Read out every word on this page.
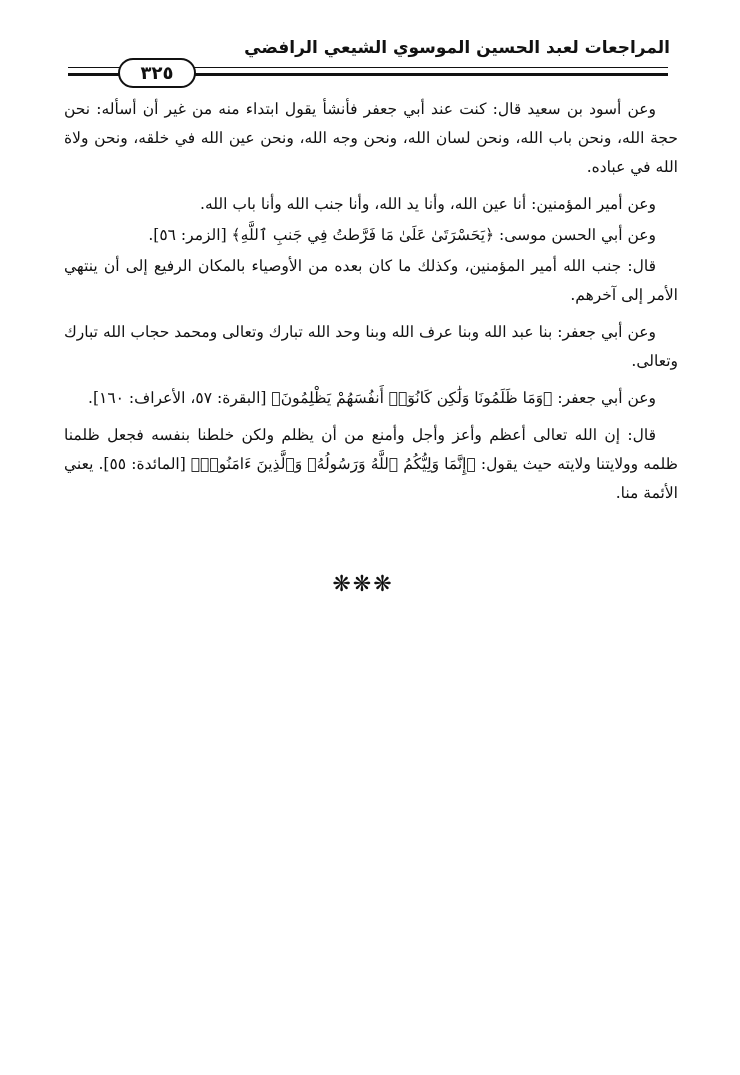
المراجعات لعبد الحسين الموسوي الشيعي الرافضي
٣٢٥

وعن أسود بن سعيد قال: كنت عند أبي جعفر فأنشأ يقول ابتداء منه من غير أن أسأله: نحن حجة الله، ونحن باب الله، ونحن لسان الله، ونحن وجه الله، ونحن عين الله في خلقه، ونحن ولاة الله في عباده.

وعن أمير المؤمنين: أنا عين الله، وأنا يد الله، وأنا جنب الله وأنا باب الله.

وعن أبي الحسن موسى: ﴿يَحَسْرَتَىٰ عَلَىٰ مَا فَرَّطتُ فِي جَنبِ ٱللَّهِ﴾ [الزمر: ٥٦].

قال: جنب الله أمير المؤمنين، وكذلك ما كان بعده من الأوصياء بالمكان الرفيع إلى أن ينتهي الأمر إلى آخرهم.

وعن أبي جعفر: بنا عبد الله وبنا عرف الله وبنا وحد الله تبارك وتعالى ومحمد حجاب الله تبارك وتعالى.

وعن أبي جعفر: ﴿وَمَا ظَلَمُونَا وَلَٰكِن كَانُوٓا۟ أَنفُسَهُمْ يَظْلِمُونَ﴾ [البقرة: ٥٧، الأعراف: ١٦٠].

قال: إن الله تعالى أعظم وأعز وأجل وأمنع من أن يظلم ولكن خلطنا بنفسه فجعل ظلمنا ظلمه وولايتنا ولايته حيث يقول: ﴿إِنَّمَا وَلِيُّكُمُ ٱللَّهُ وَرَسُولُهُۥ وَٱلَّذِينَ ءَامَنُوا۟﴾ [المائدة: ٥٥]. يعني الأئمة منا.

❋❋❋
